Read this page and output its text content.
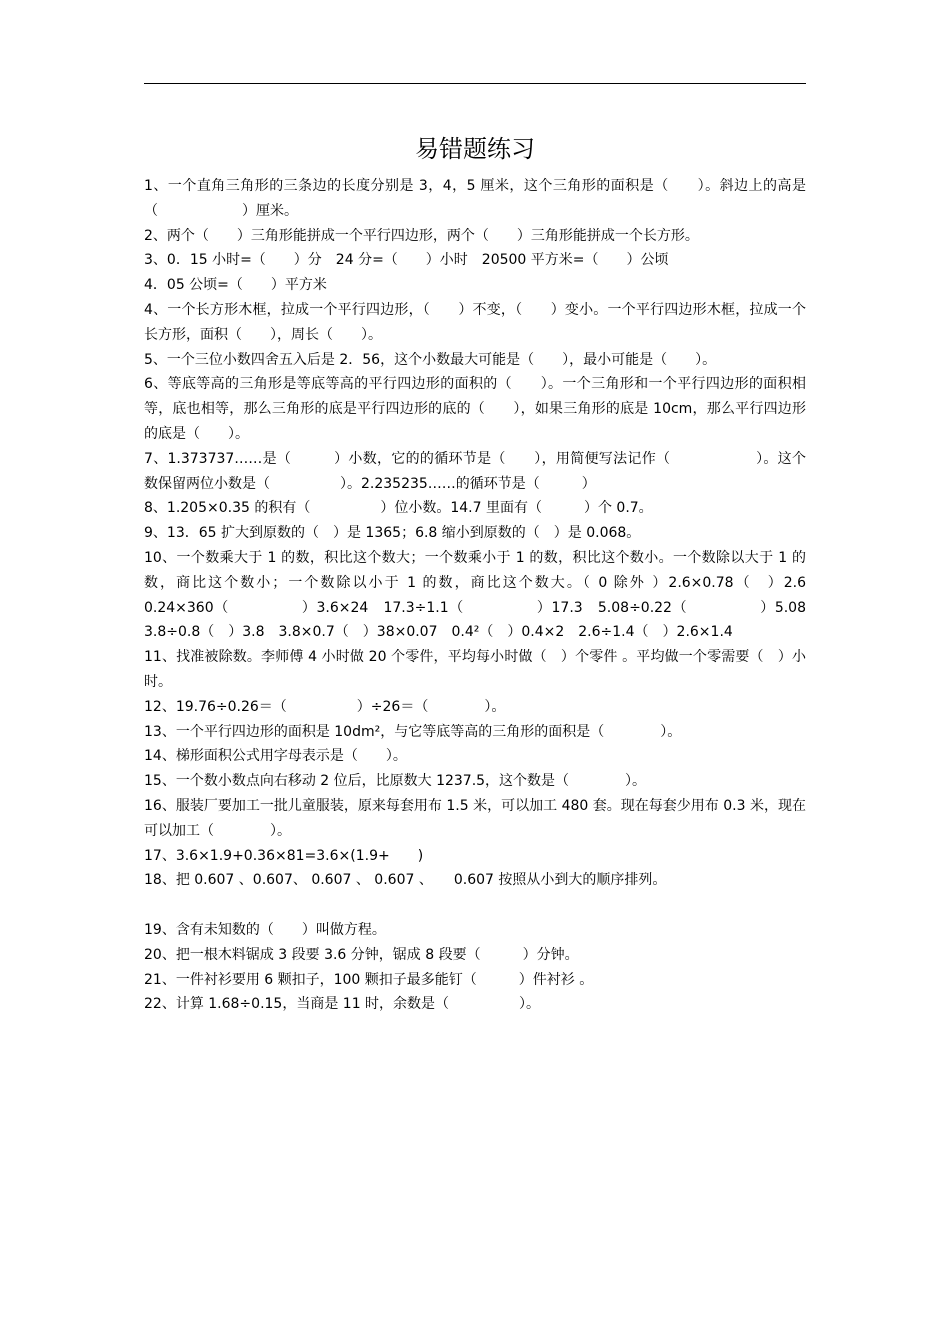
易错题练习

1、一个直角三角形的三条边的长度分别是 3，4，5 厘米，这个三角形的面积是（　　）。斜边上的高是（　　　　　　）厘米。

2、两个（　　）三角形能拼成一个平行四边形，两个（　　）三角形能拼成一个长方形。

3、0．15 小时=（　　）分　24 分=（　　）小时　20500 平方米=（　　）公顷

4．05 公顷=（　　）平方米

4、一个长方形木框，拉成一个平行四边形，（　　）不变，（　　）变小。一个平行四边形木框，拉成一个长方形，面积（　　），周长（　　）。

5、一个三位小数四舍五入后是 2．56，这个小数最大可能是（　　），最小可能是（　　）。

6、等底等高的三角形是等底等高的平行四边形的面积的（　　）。一个三角形和一个平行四边形的面积相等，底也相等，那么三角形的底是平行四边形的底的（　　），如果三角形的底是 10cm，那么平行四边形的底是（　　）。

7、1.373737……是（　　　）小数，它的的循环节是（　　），用简便写法记作（　　　　　　）。这个数保留两位小数是（　　　　　）。2.235235……的循环节是（　　　）

8、1.205×0.35 的积有（　　　　　）位小数。14.7 里面有（　　　）个 0.7。

9、13．65 扩大到原数的（　）是 1365；6.8 缩小到原数的（　）是 0.068。

10、一个数乘大于 1 的数，积比这个数大；一个数乘小于 1 的数，积比这个数小。一个数除以大于 1 的数，商比这个数小；一个数除以小于 1 的数，商比这个数大。（ 0 除外 ）2.6×0.78（　）2.6　0.24×360（　　　　　）3.6×24　17.3÷1.1（　　　　　）17.3　5.08÷0.22（　　　　　）5.08　3.8÷0.8（　）3.8　3.8×0.7（　）38×0.07　0.4²（　）0.4×2　2.6÷1.4（　）2.6×1.4

11、找准被除数。李师傅 4 小时做 20 个零件，平均每小时做（　）个零件 。平均做一个零需要（　）小时。

12、19.76÷0.26＝（　　　　　）÷26＝（　　　　）。

13、一个平行四边形的面积是 10dm²，与它等底等高的三角形的面积是（　　　　）。

14、梯形面积公式用字母表示是（　　）。

15、一个数小数点向右移动 2 位后，比原数大 1237.5，这个数是（　　　　）。

16、服装厂要加工一批儿童服装，原来每套用布 1.5 米，可以加工 480 套。现在每套少用布 0.3 米，现在可以加工（　　　　）。

17、3.6×1.9+0.36×81=3.6×(1.9+　　)

18、把 0.607 、0.607、 0.607 、 0.607 、　　0.607 按照从小到大的顺序排列。

19、含有未知数的（　　）叫做方程。

20、把一根木料锯成 3 段要 3.6 分钟，锯成 8 段要（　　　）分钟。

21、一件衬衫要用 6 颗扣子，100 颗扣子最多能钉（　　　）件衬衫 。

22、计算 1.68÷0.15，当商是 11 时，余数是（　　　　　）。
